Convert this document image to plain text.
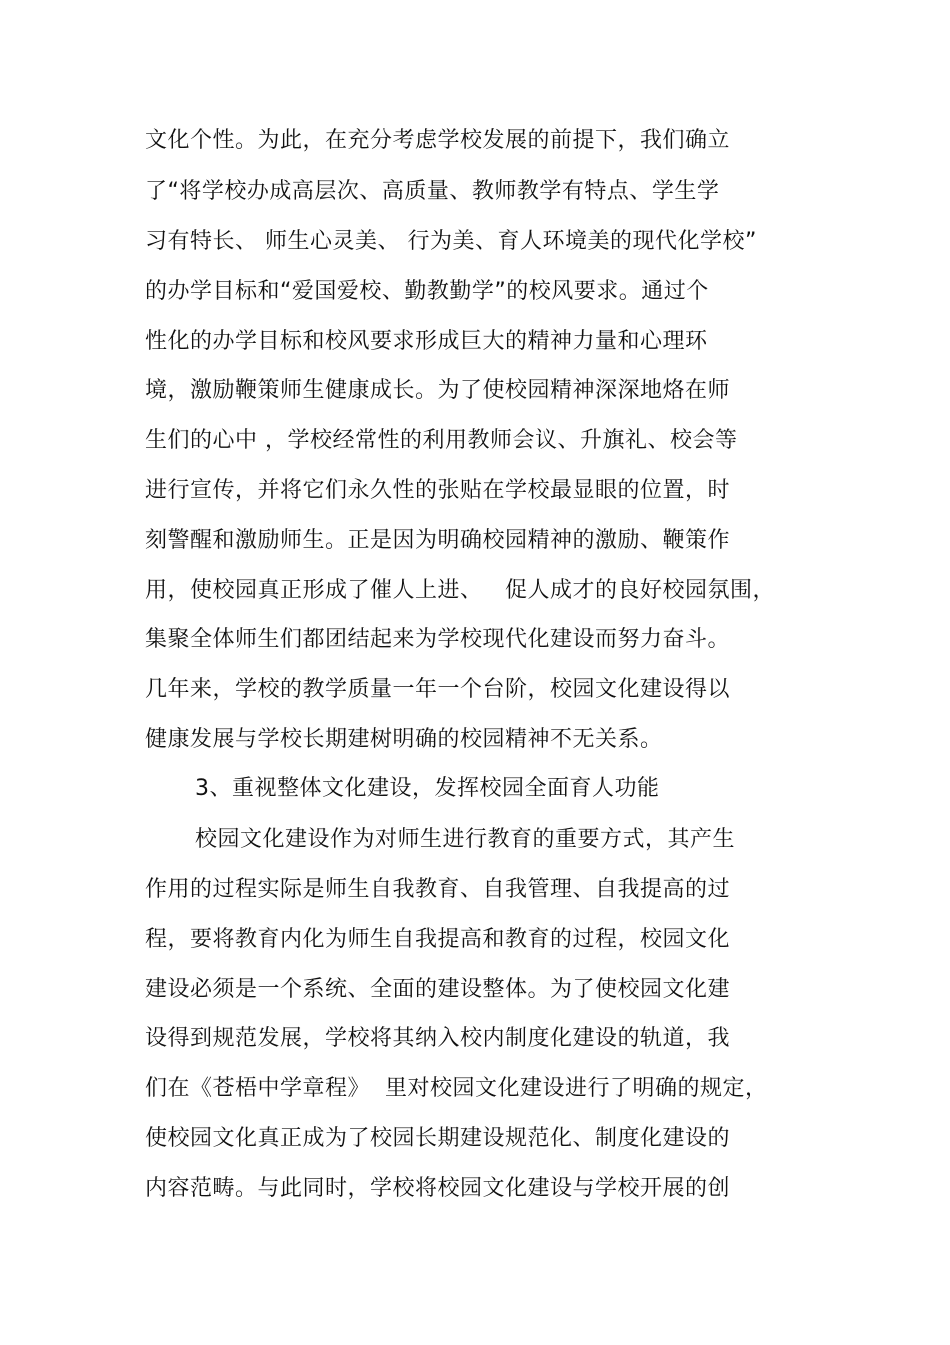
文化个性。为此，在充分考虑学校发展的前提下，我们确立
了“将学校办成高层次、高质量、教师教学有特点、学生学
习有特长、 师生心灵美、 行为美、育人环境美的现代化学校”
的办学目标和“爱国爱校、勤教勤学”的校风要求。通过个
性化的办学目标和校风要求形成巨大的精神力量和心理环
境，激励鞭策师生健康成长。为了使校园精神深深地烙在师
生们的心中 ，学校经常性的利用教师会议、升旗礼、校会等
进行宣传，并将它们永久性的张贴在学校最显眼的位置，时
刻警醒和激励师生。正是因为明确校园精神的激励、鞭策作
用，使校园真正形成了催人上进、   促人成才的良好校园氛围，
集聚全体师生们都团结起来为学校现代化建设而努力奋斗。
几年来，学校的教学质量一年一个台阶，校园文化建设得以
健康发展与学校长期建树明确的校园精神不无关系。
3、重视整体文化建设，发挥校园全面育人功能
校园文化建设作为对师生进行教育的重要方式，其产生
作用的过程实际是师生自我教育、自我管理、自我提高的过
程，要将教育内化为师生自我提高和教育的过程，校园文化
建设必须是一个系统、全面的建设整体。为了使校园文化建
设得到规范发展，学校将其纳入校内制度化建设的轨道，我
们在《苍梧中学章程》  里对校园文化建设进行了明确的规定，
使校园文化真正成为了校园长期建设规范化、制度化建设的
内容范畴。与此同时，学校将校园文化建设与学校开展的创
